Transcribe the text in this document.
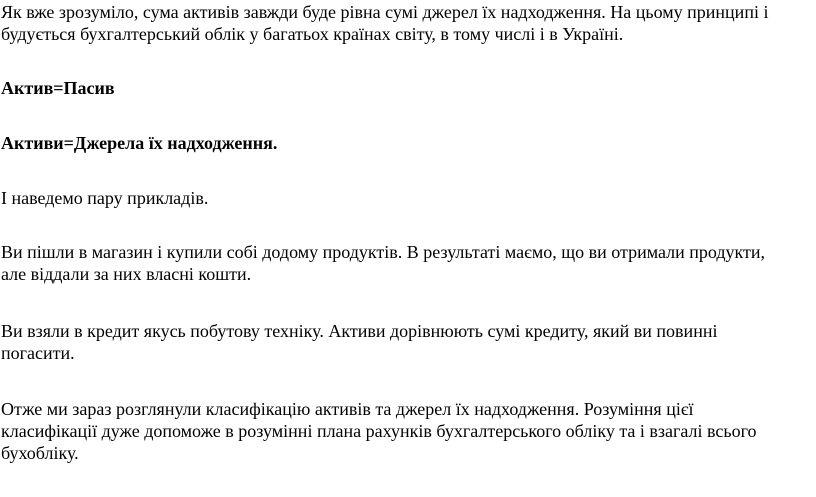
Як вже зрозуміло, сума активів завжди буде рівна сумі джерел їх надходження. На цьому принципі і
будується бухгалтерський облік у багатьох країнах світу, в тому числі і в Україні.

Актив=Пасив

Активи=Джерела їх надходження.

І наведемо пару прикладів.

Ви пішли в магазин і купили собі додому продуктів. В результаті маємо, що ви отримали продукти,
але віддали за них власні кошти.

Ви взяли в кредит якусь побутову техніку. Активи дорівнюють сумі кредиту, який ви повинні
погасити.

Отже ми зараз розглянули класифікацію активів та джерел їх надходження. Розуміння цієї
класифікації дуже допоможе в розумінні плана рахунків бухгалтерського обліку та і взагалі всього
бухобліку.
